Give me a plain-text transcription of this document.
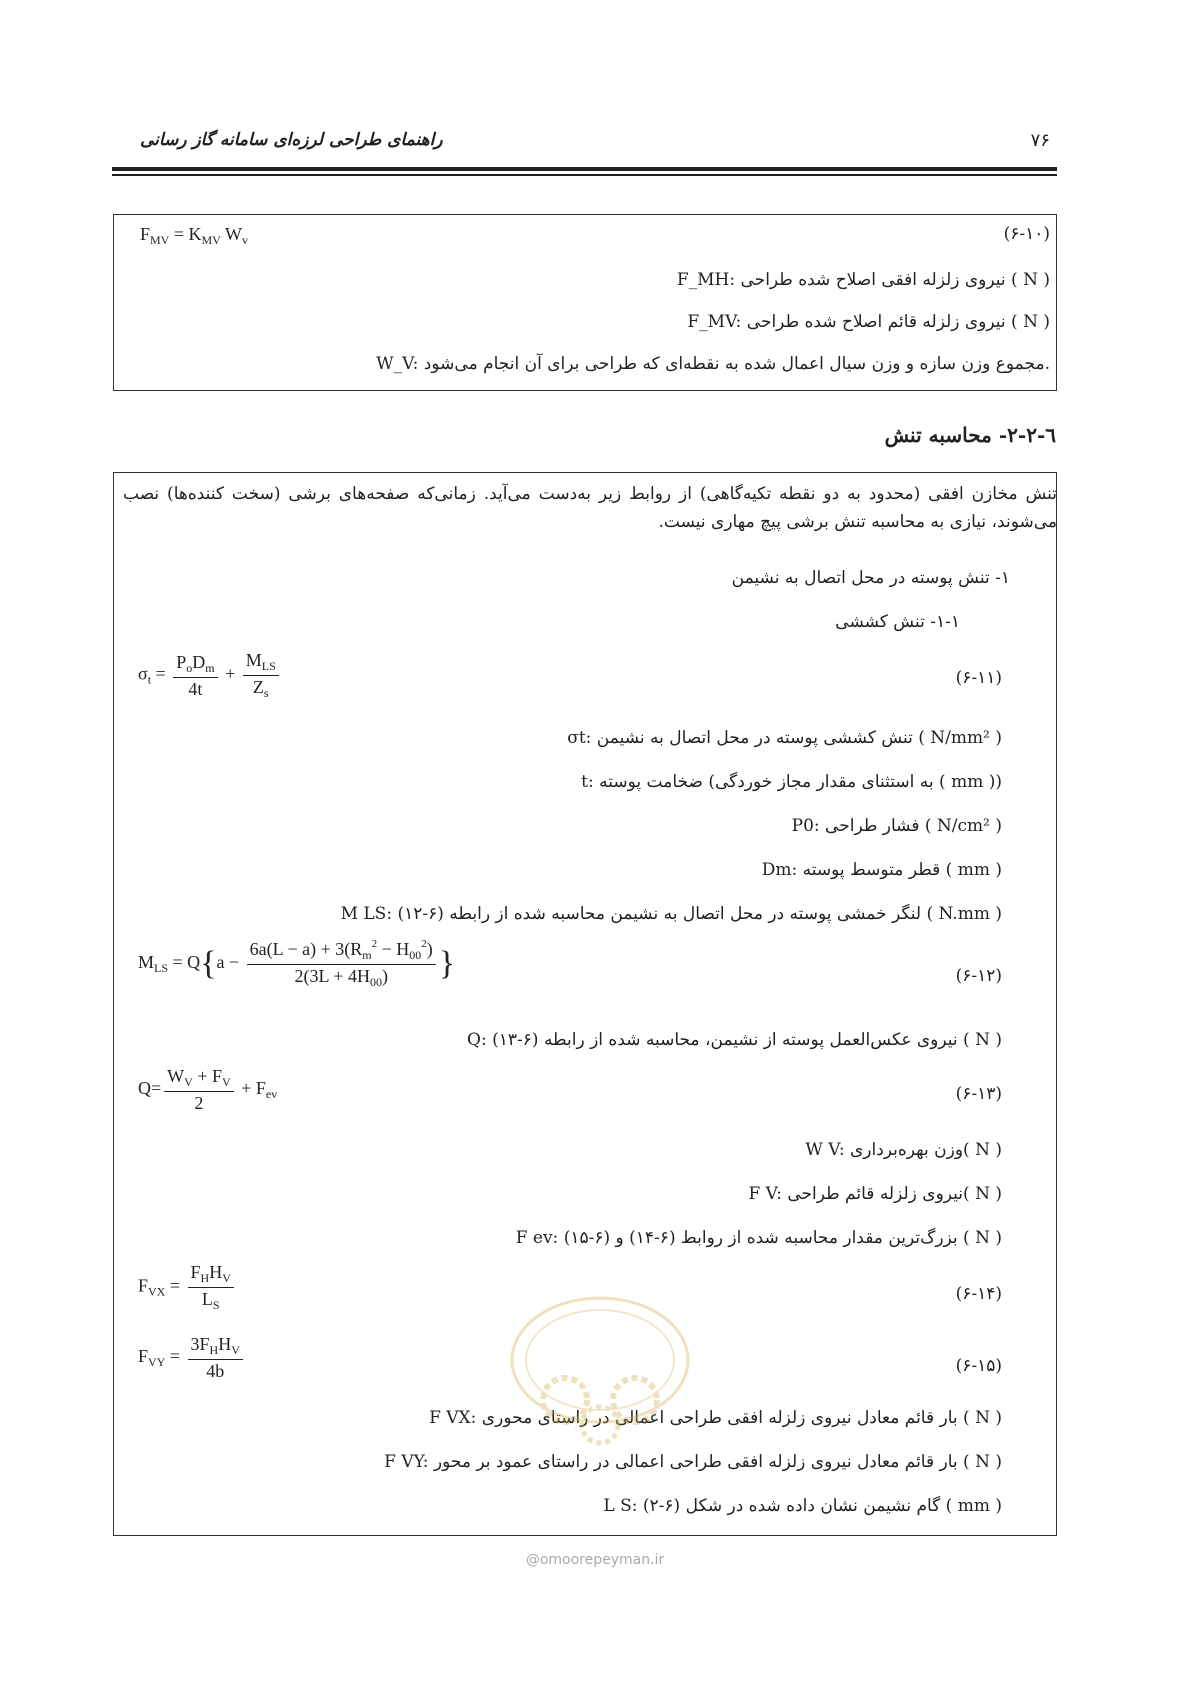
راهنمای طراحی لرزه‌ای سامانه گاز رسانی	۷۶
$F_{MV} = K_{MV}$ $W_v$	(۶-۱۰)
F_MH: نیروی زلزله افقی اصلاح شده طراحی ( N )
F_MV: نیروی زلزله قائم اصلاح شده طراحی ( N )
W_V: مجموع وزن سازه و وزن سیال اعمال شده به نقطه‌ای که طراحی برای آن انجام می‌شود.
٦-٢-٢- محاسبه تنش
تنش مخازن افقی (محدود به دو نقطه تکیه‌گاهی) از روابط زیر به‌دست می‌آید. زمانی‌که صفحه‌های برشی (سخت کننده‌ها) نصب می‌شوند، نیازی به محاسبه تنش برشی پیچ مهاری نیست.
۱- تنش پوسته در محل اتصال به نشیمن
۱-۱- تنش کششی
$\sigma_t = \frac{P_oD_m}{4t} + \frac{M_{LS}}{Z_s}$	(۶-۱۱)
σt: تنش کششی پوسته در محل اتصال به نشیمن ( N/mm² )
t: ضخامت پوسته (به استثنای مقدار مجاز خوردگی ( mm ))
P0: فشار طراحی ( N/cm² )
Dm: قطر متوسط پوسته ( mm )
M LS: لنگر خمشی پوسته در محل اتصال به نشیمن محاسبه شده از رابطه (۶-۱۲) ( N.mm )
$M_{LS} = Q\{a - \frac{6a(L - a) + 3(R_m^2 - H_{00}^2)}{2(3L + 4H_{00})}$ }	(۶-۱۲)
Q: نیروی عکس‌العمل پوسته از نشیمن، محاسبه شده از رابطه (۶-۱۳) ( N )
$Q= \frac{W_V + F_V}{2} + F_{ev}$	(۶-۱۳)
W V: وزن بهره‌برداری( N )
F V: نیروی زلزله قائم طراحی( N )
F ev: بزرگ‌ترین مقدار محاسبه شده از روابط (۶-۱۴) و (۶-۱۵) ( N )
$F_{VX} = \frac{F_HH_V}{L_S}$	(۶-۱۴)
$F_{VY} = \frac{3F_HH_V}{4b}$	(۶-۱۵)
F VX: بار قائم معادل نیروی زلزله افقی طراحی اعمالی در راستای محوری ( N )
F VY: بار قائم معادل نیروی زلزله افقی طراحی اعمالی در راستای عمود بر محور ( N )
L S: گام نشیمن نشان داده شده در شکل (۶-۲) ( mm )
@omoorepeyman.ir
